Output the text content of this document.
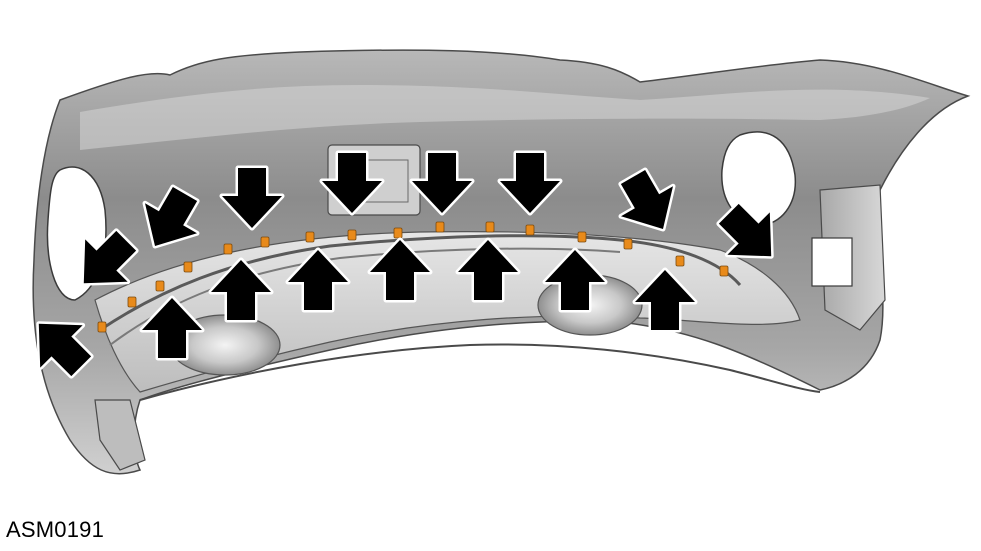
ASM0191
